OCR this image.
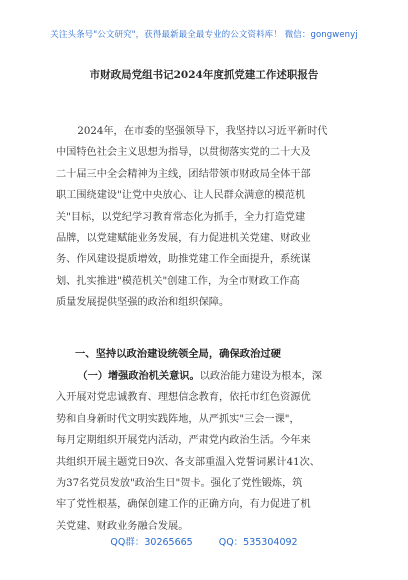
关注头条号"公文研究"，获得最新最全最专业的公文资料库！ 微信：gongwenyj
市财政局党组书记2024年度抓党建工作述职报告
2024年，在市委的坚强领导下，我坚持以习近平新时代
中国特色社会主义思想为指导，以贯彻落实党的二十大及
二十届三中全会精神为主线，团结带领市财政局全体干部
职工围绕建设"让党中央放心、让人民群众满意的模范机
关"目标，以党纪学习教育常态化为抓手，全力打造党建
品牌，以党建赋能业务发展，有力促进机关党建、财政业
务、作风建设提质增效，助推党建工作全面提升，系统谋
划、扎实推进"模范机关"创建工作，为全市财政工作高
质量发展提供坚强的政治和组织保障。
一、坚持以政治建设统领全局，确保政治过硬
（一）增强政治机关意识。以政治能力建设为根本，深
入开展对党忠诚教育、理想信念教育，依托市红色资源优
势和自身新时代文明实践阵地，从严抓实"三会一课"，
每月定期组织开展党内活动，严肃党内政治生活。今年来
共组织开展主题党日9次、各支部重温入党誓词累计41次、
为37名党员发放"政治生日"贺卡。强化了党性锻炼，筑
牢了党性根基，确保创建工作的正确方向，有力促进了机
关党建、财政业务融合发展。
QQ群：30265665	QQ：535304092
